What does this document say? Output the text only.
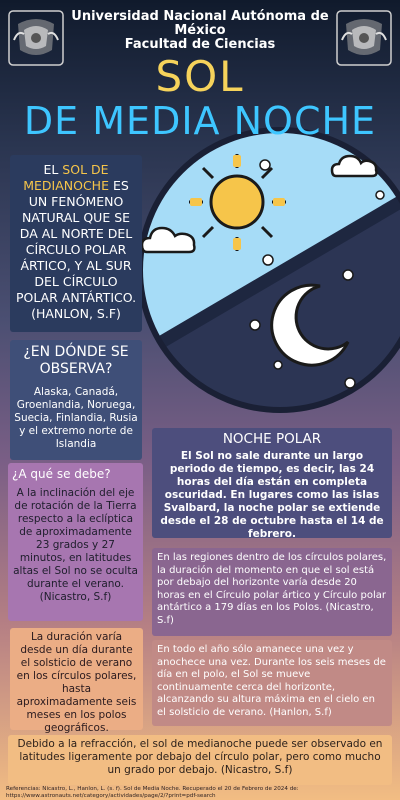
Universidad Nacional Autónoma de
México
Facultad de Ciencias
SOL
DE MEDIA NOCHE
EL SOL DE MEDIANOCHE ES UN FENÓMENO NATURAL QUE SE DA AL NORTE DEL CÍRCULO POLAR ÁRTICO, Y AL SUR DEL CÍRCULO POLAR ANTÁRTICO. (HANLON, S.F)
¿EN DÓNDE SE OBSERVA?
Alaska, Canadá, Groenlandia, Noruega, Suecia, Finlandia, Rusia y el extremo norte de Islandia
¿A qué se debe?
A la inclinación del eje de rotación de la Tierra respecto a la eclíptica de aproximadamente 23 grados y 27 minutos, en latitudes altas el Sol no se oculta durante el verano. (Nicastro, S.f)
La duración varía desde un día durante el solsticio de verano en los círculos polares, hasta aproximadamente seis meses en los polos geográficos.
NOCHE POLAR
El Sol no sale durante un largo periodo de tiempo, es decir, las 24 horas del día están en completa oscuridad. En lugares como las islas Svalbard, la noche polar se extiende desde el 28 de octubre hasta el 14 de febrero.
En las regiones dentro de los círculos polares, la duración del momento en que el sol está por debajo del horizonte varía desde 20 horas en el Círculo polar ártico y Círculo polar antártico a 179 días en los Polos. (Nicastro, S.f)
En todo el año sólo amanece una vez y anochece una vez. Durante los seis meses de día en el polo, el Sol se mueve continuamente cerca del horizonte, alcanzando su altura máxima en el cielo en el solsticio de verano. (Hanlon, S.f)
Debido a la refracción, el sol de medianoche puede ser observado en latitudes ligeramente por debajo del círculo polar, pero como mucho un grado por debajo. (Nicastro, S.f)
Referencias: Nicastro, L., Hanlon, L. (s. f). Sol de Media Noche. Recuperado el 20 de Febrero de 2024 de:
https://www.astronauts.net/category/actividades/page/2/?print=pdf-search
